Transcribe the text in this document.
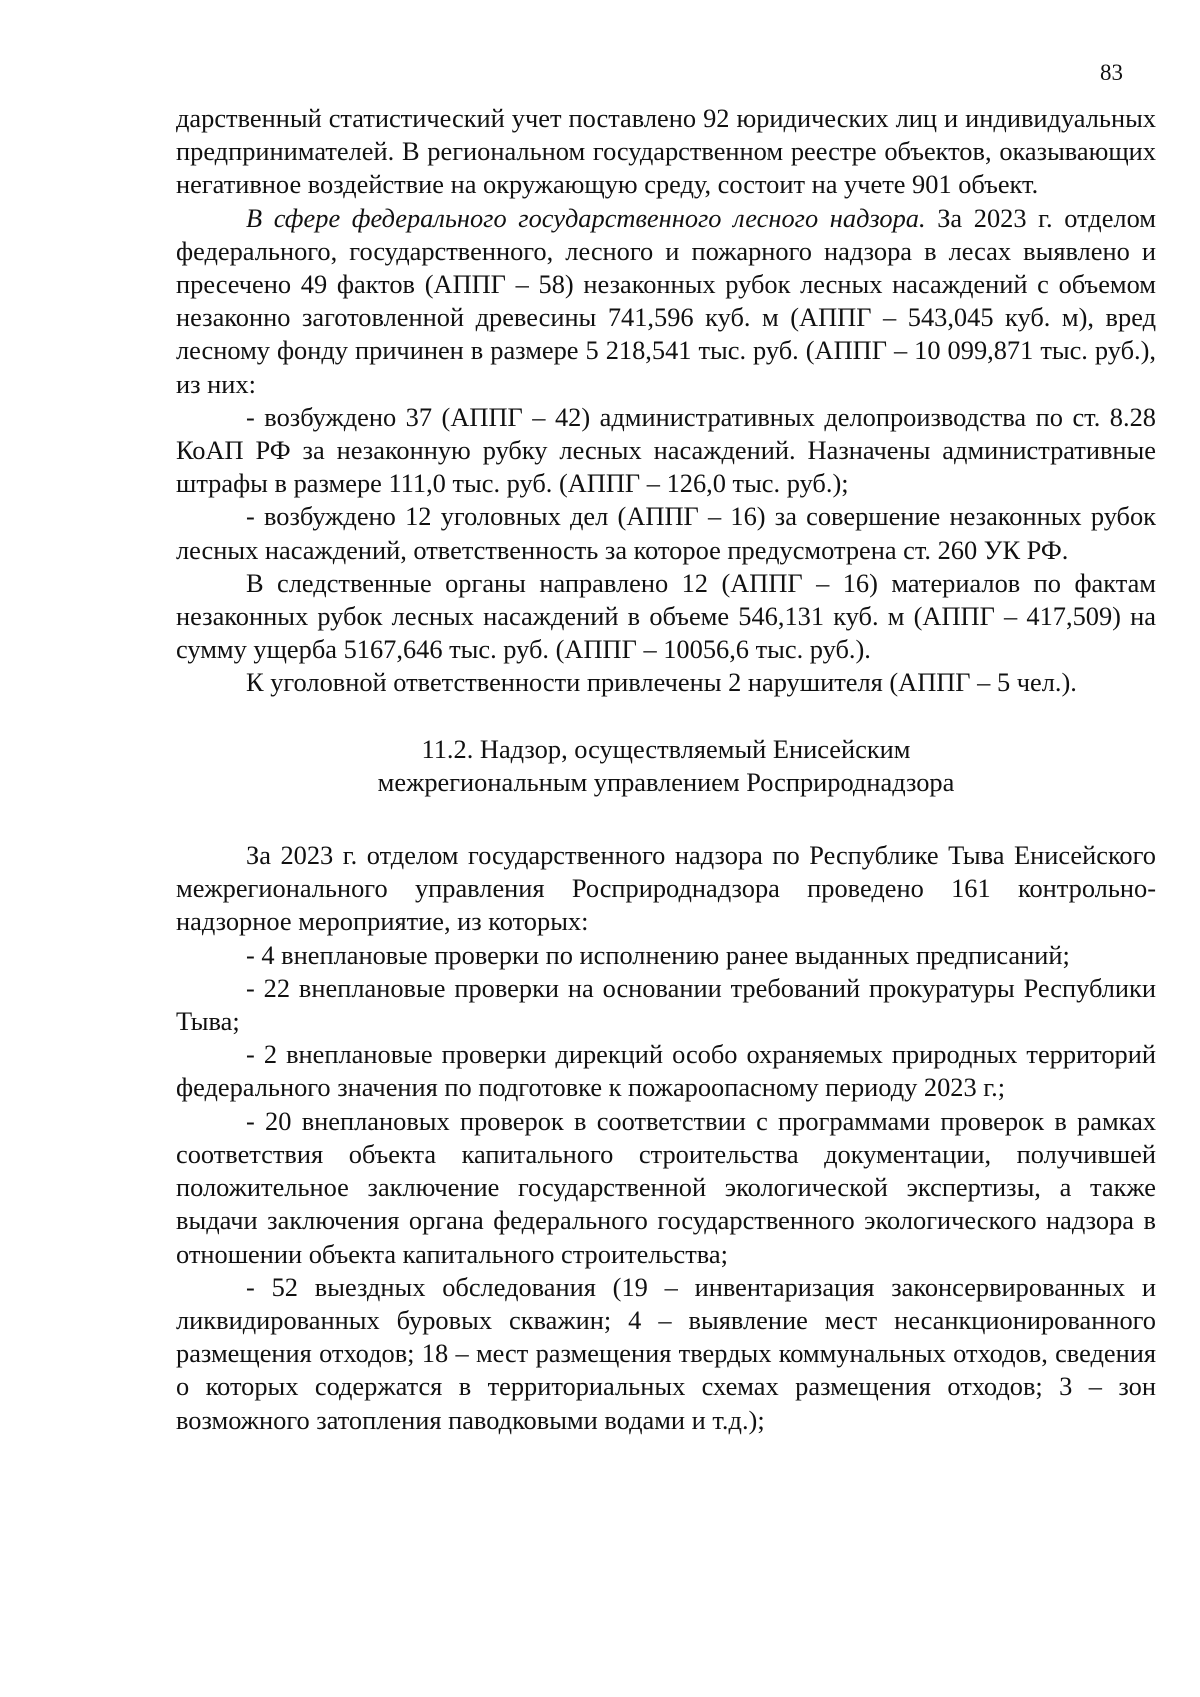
83

дарственный статистический учет поставлено 92 юридических лиц и индивидуальных предпринимателей. В региональном государственном реестре объектов, оказывающих негативное воздействие на окружающую среду, состоит на учете 901 объект.

В сфере федерального государственного лесного надзора. За 2023 г. отделом федерального, государственного, лесного и пожарного надзора в лесах выявлено и пресечено 49 фактов (АППГ – 58) незаконных рубок лесных насаждений с объемом незаконно заготовленной древесины 741,596 куб. м (АППГ – 543,045 куб. м), вред лесному фонду причинен в размере 5 218,541 тыс. руб. (АППГ – 10 099,871 тыс. руб.), из них:

- возбуждено 37 (АППГ – 42) административных делопроизводства по ст. 8.28 КоАП РФ за незаконную рубку лесных насаждений. Назначены административные штрафы в размере 111,0 тыс. руб. (АППГ – 126,0 тыс. руб.);

- возбуждено 12 уголовных дел (АППГ – 16) за совершение незаконных рубок лесных насаждений, ответственность за которое предусмотрена ст. 260 УК РФ.

В следственные органы направлено 12 (АППГ – 16) материалов по фактам незаконных рубок лесных насаждений в объеме 546,131 куб. м (АППГ – 417,509) на сумму ущерба 5167,646 тыс. руб. (АППГ – 10056,6 тыс. руб.).

К уголовной ответственности привлечены 2 нарушителя (АППГ – 5 чел.).

11.2. Надзор, осуществляемый Енисейским
межрегиональным управлением Росприроднадзора

За 2023 г. отделом государственного надзора по Республике Тыва Енисейского межрегионального управления Росприроднадзора проведено 161 контрольно-надзорное мероприятие, из которых:

- 4 внеплановые проверки по исполнению ранее выданных предписаний;

- 22 внеплановые проверки на основании требований прокуратуры Республики Тыва;

- 2 внеплановые проверки дирекций особо охраняемых природных территорий федерального значения по подготовке к пожароопасному периоду 2023 г.;

- 20 внеплановых проверок в соответствии с программами проверок в рамках соответствия объекта капитального строительства документации, получившей положительное заключение государственной экологической экспертизы, а также выдачи заключения органа федерального государственного экологического надзора в отношении объекта капитального строительства;

- 52 выездных обследования (19 – инвентаризация законсервированных и ликвидированных буровых скважин; 4 – выявление мест несанкционированного размещения отходов; 18 – мест размещения твердых коммунальных отходов, сведения о которых содержатся в территориальных схемах размещения отходов; 3 – зон возможного затопления паводковыми водами и т.д.);
